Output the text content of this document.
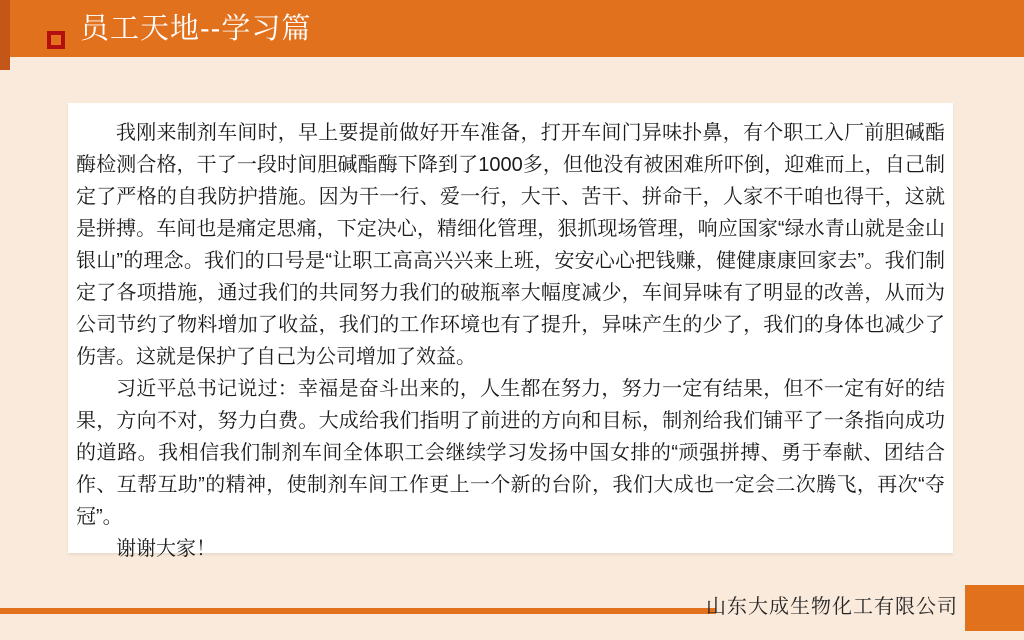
员工天地--学习篇

我刚来制剂车间时，早上要提前做好开车准备，打开车间门异味扑鼻，有个职工入厂前胆碱酯酶检测合格，干了一段时间胆碱酯酶下降到了1000多，但他没有被困难所吓倒，迎难而上，自己制定了严格的自我防护措施。因为干一行、爱一行，大干、苦干、拼命干，人家不干咱也得干，这就是拼搏。车间也是痛定思痛，下定决心，精细化管理，狠抓现场管理，响应国家“绿水青山就是金山银山”的理念。我们的口号是“让职工高高兴兴来上班，安安心心把钱赚，健健康康回家去”。我们制定了各项措施，通过我们的共同努力我们的破瓶率大幅度减少，车间异味有了明显的改善，从而为公司节约了物料增加了收益，我们的工作环境也有了提升，异味产生的少了，我们的身体也减少了伤害。这就是保护了自己为公司增加了效益。

习近平总书记说过：幸福是奋斗出来的，人生都在努力，努力一定有结果，但不一定有好的结果，方向不对，努力白费。大成给我们指明了前进的方向和目标，制剂给我们铺平了一条指向成功的道路。我相信我们制剂车间全体职工会继续学习发扬中国女排的“顽强拼搏、勇于奉献、团结合作、互帮互助”的精神，使制剂车间工作更上一个新的台阶，我们大成也一定会二次腾飞，再次“夺冠”。

谢谢大家！

山东大成生物化工有限公司
